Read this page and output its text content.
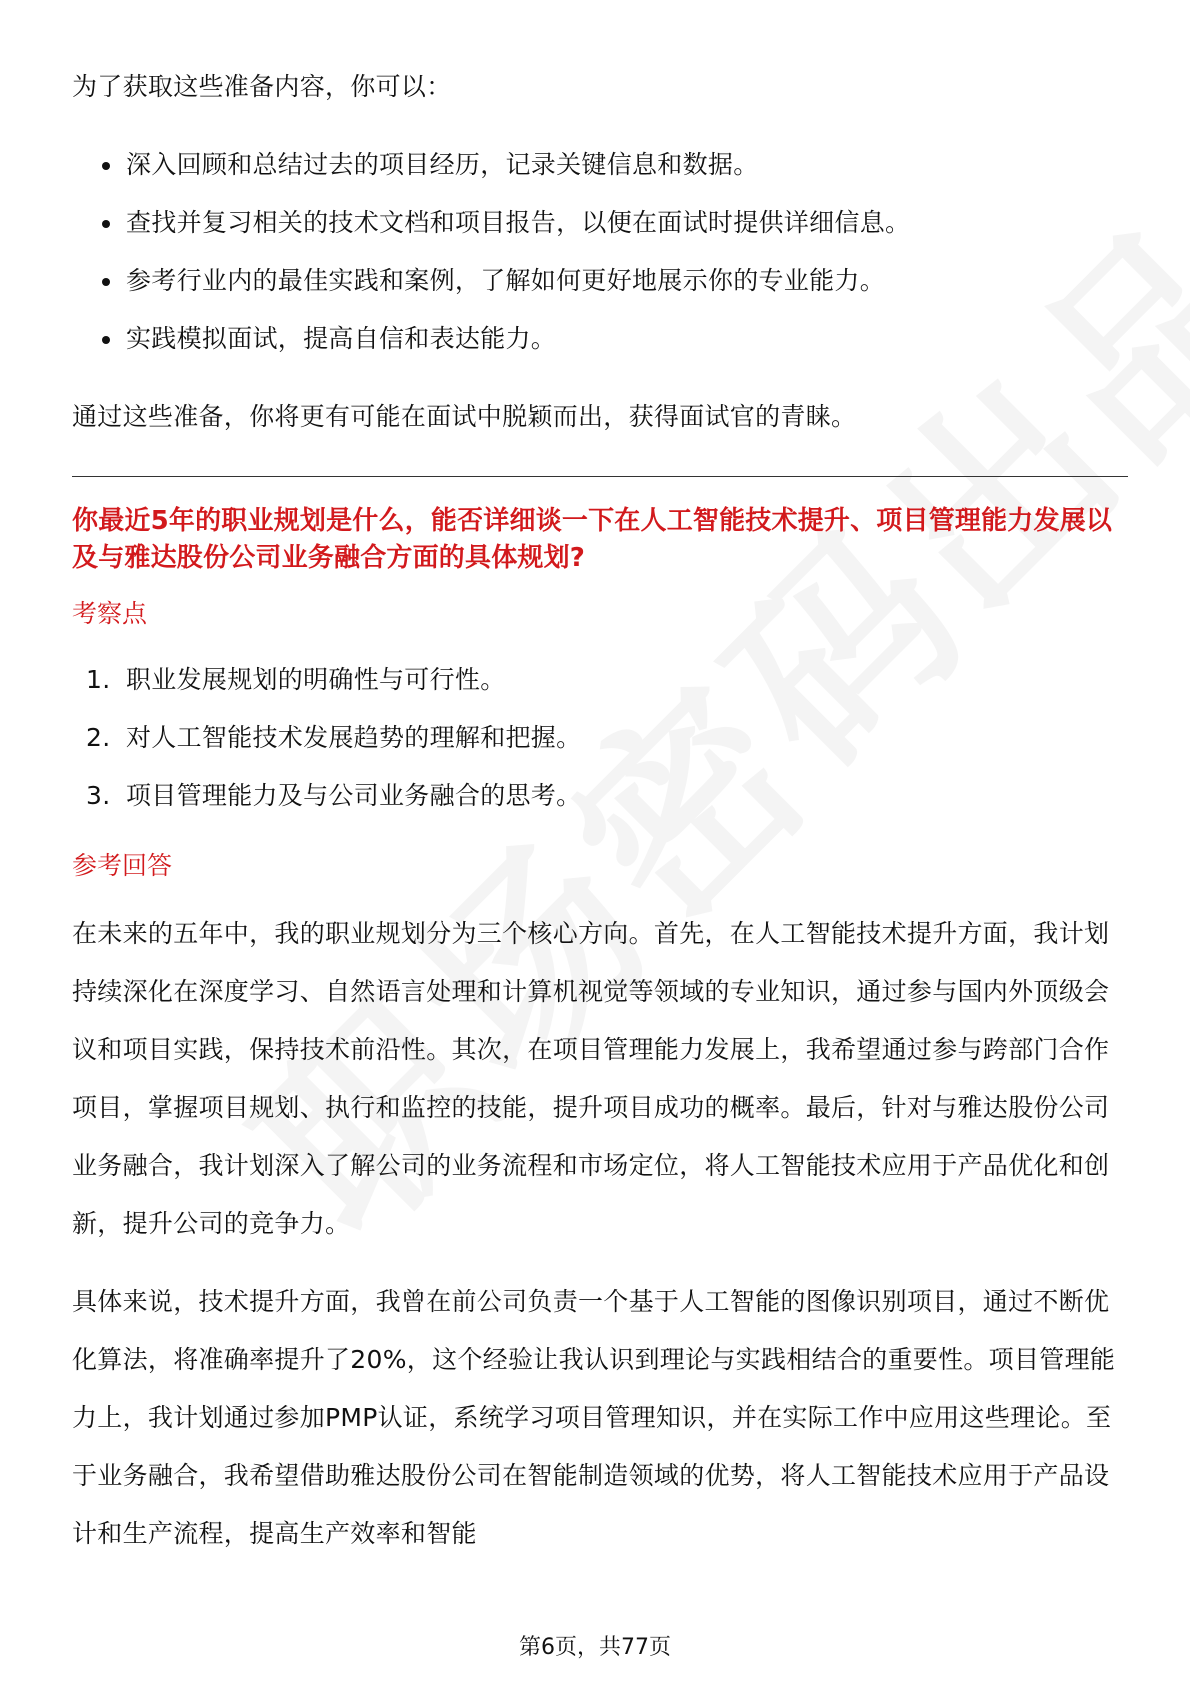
为了获取这些准备内容，你可以：

深入回顾和总结过去的项目经历，记录关键信息和数据。
查找并复习相关的技术文档和项目报告，以便在面试时提供详细信息。
参考行业内的最佳实践和案例，了解如何更好地展示你的专业能力。
实践模拟面试，提高自信和表达能力。

通过这些准备，你将更有可能在面试中脱颖而出，获得面试官的青睐。

你最近5年的职业规划是什么，能否详细谈一下在人工智能技术提升、项目管理能力发展以及与雅达股份公司业务融合方面的具体规划?

考察点
1. 职业发展规划的明确性与可行性。
2. 对人工智能技术发展趋势的理解和把握。
3. 项目管理能力及与公司业务融合的思考。
参考回答

在未来的五年中，我的职业规划分为三个核心方向。首先，在人工智能技术提升方面，我计划持续深化在深度学习、自然语言处理和计算机视觉等领域的专业知识，通过参与国内外顶级会议和项目实践，保持技术前沿性。其次，在项目管理能力发展上，我希望通过参与跨部门合作项目，掌握项目规划、执行和监控的技能，提升项目成功的概率。最后，针对与雅达股份公司业务融合，我计划深入了解公司的业务流程和市场定位，将人工智能技术应用于产品优化和创新，提升公司的竞争力。

具体来说，技术提升方面，我曾在前公司负责一个基于人工智能的图像识别项目，通过不断优化算法，将准确率提升了20%，这个经验让我认识到理论与实践相结合的重要性。项目管理能力上，我计划通过参加PMP认证，系统学习项目管理知识，并在实际工作中应用这些理论。至于业务融合，我希望借助雅达股份公司在智能制造领域的优势，将人工智能技术应用于产品设计和生产流程，提高生产效率和智能

第6页，共77页
